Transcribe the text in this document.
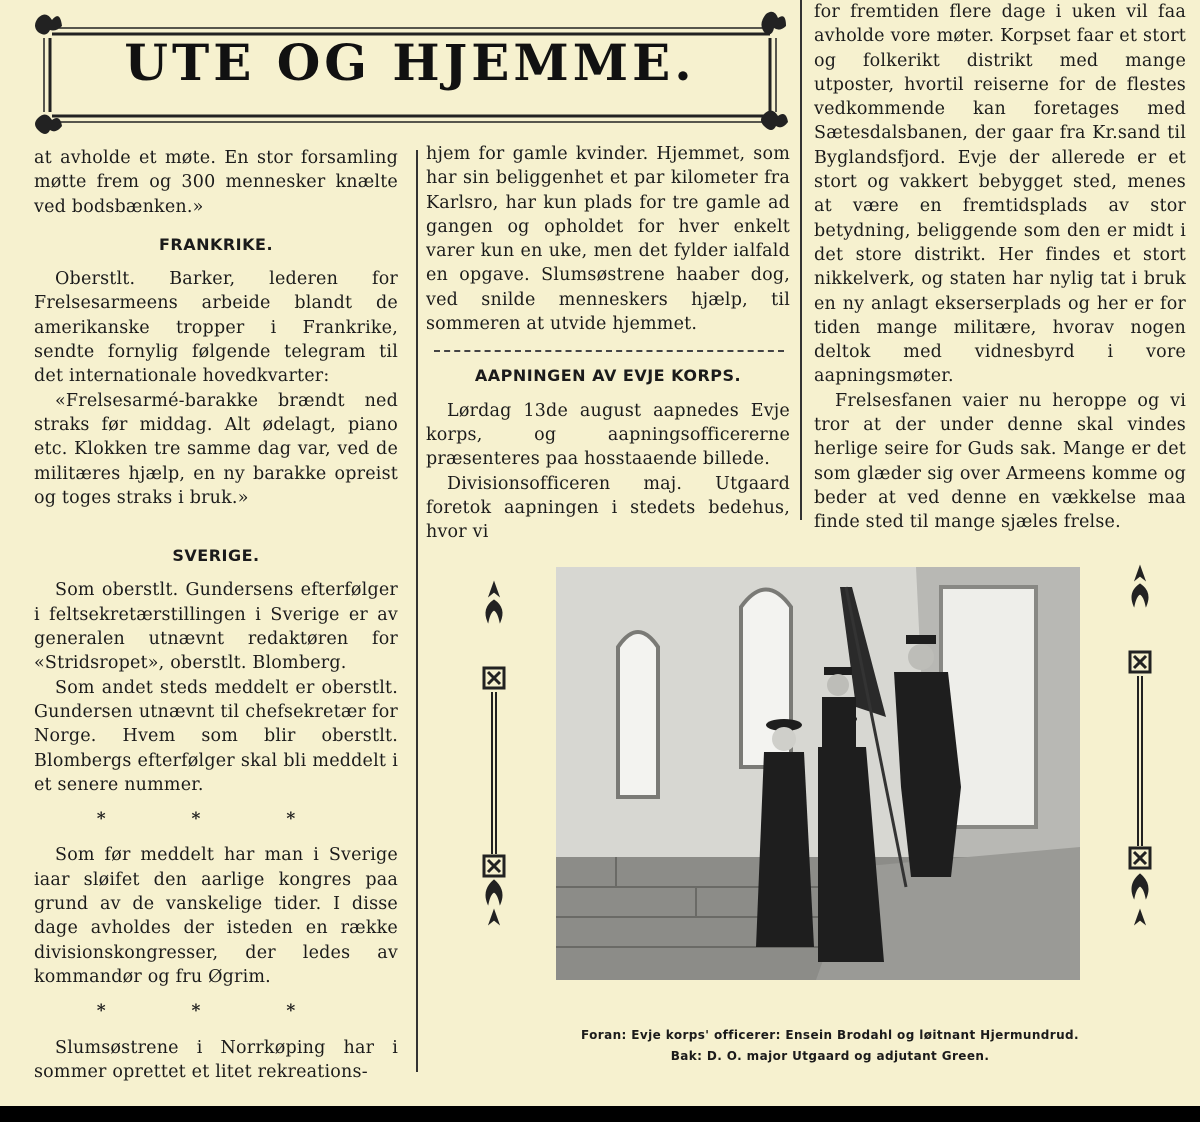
UTE OG HJEMME.

at avholde et møte. En stor forsamling møtte frem og 300 mennesker knælte ved bodsbænken.»

FRANKRIKE.

Oberstlt. Barker, lederen for Frelsesarmeens arbeide blandt de amerikanske tropper i Frankrike, sendte fornylig følgende telegram til det internationale hovedkvarter:

«Frelsesarmé-barakke brændt ned straks før middag. Alt ødelagt, piano etc. Klokken tre samme dag var, ved de militæres hjælp, en ny barakke opreist og toges straks i bruk.»

SVERIGE.

Som oberstlt. Gundersens efterfølger i feltsekretærstillingen i Sverige er av generalen utnævnt redaktøren for «Stridsropet», oberstlt. Blomberg.

Som andet steds meddelt er oberstlt. Gundersen utnævnt til chefsekretær for Norge. Hvem som blir oberstlt. Blombergs efterfølger skal bli meddelt i et senere nummer.

* * *

Som før meddelt har man i Sverige iaar sløifet den aarlige kongres paa grund av de vanskelige tider. I disse dage avholdes der isteden en række divisionskongresser, der ledes av kommandør og fru Øgrim.

* * *

Slumsøstrene i Norrkøping har i sommer oprettet et litet rekreations-

hjem for gamle kvinder. Hjemmet, som har sin beliggenhet et par kilometer fra Karlsro, har kun plads for tre gamle ad gangen og opholdet for hver enkelt varer kun en uke, men det fylder ialfald en opgave. Slumsøstrene haaber dog, ved snilde menneskers hjælp, til sommeren at utvide hjemmet.

AAPNINGEN AV EVJE KORPS.

Lørdag 13de august aapnedes Evje korps, og aapningsofficererne præsenteres paa hosstaaende billede.

Divisionsofficeren maj. Utgaard foretok aapningen i stedets bedehus, hvor vi

for fremtiden flere dage i uken vil faa avholde vore møter. Korpset faar et stort og folkerikt distrikt med mange utposter, hvortil reiserne for de flestes vedkommende kan foretages med Sætesdalsbanen, der gaar fra Kr.sand til Byglandsfjord. Evje der allerede er et stort og vakkert bebygget sted, menes at være en fremtidsplads av stor betydning, beliggende som den er midt i det store distrikt. Her findes et stort nikkelverk, og staten har nylig tat i bruk en ny anlagt ekserserplads og her er for tiden mange militære, hvorav nogen deltok med vidnesbyrd i vore aapningsmøter.

Frelsesfanen vaier nu heroppe og vi tror at der under denne skal vindes herlige seire for Guds sak. Mange er det som glæder sig over Armeens komme og beder at ved denne en vækkelse maa finde sted til mange sjæles frelse.

Foran: Evje korps' officerer: Ensein Brodahl og løitnant Hjermundrud.
Bak: D. O. major Utgaard og adjutant Green.
